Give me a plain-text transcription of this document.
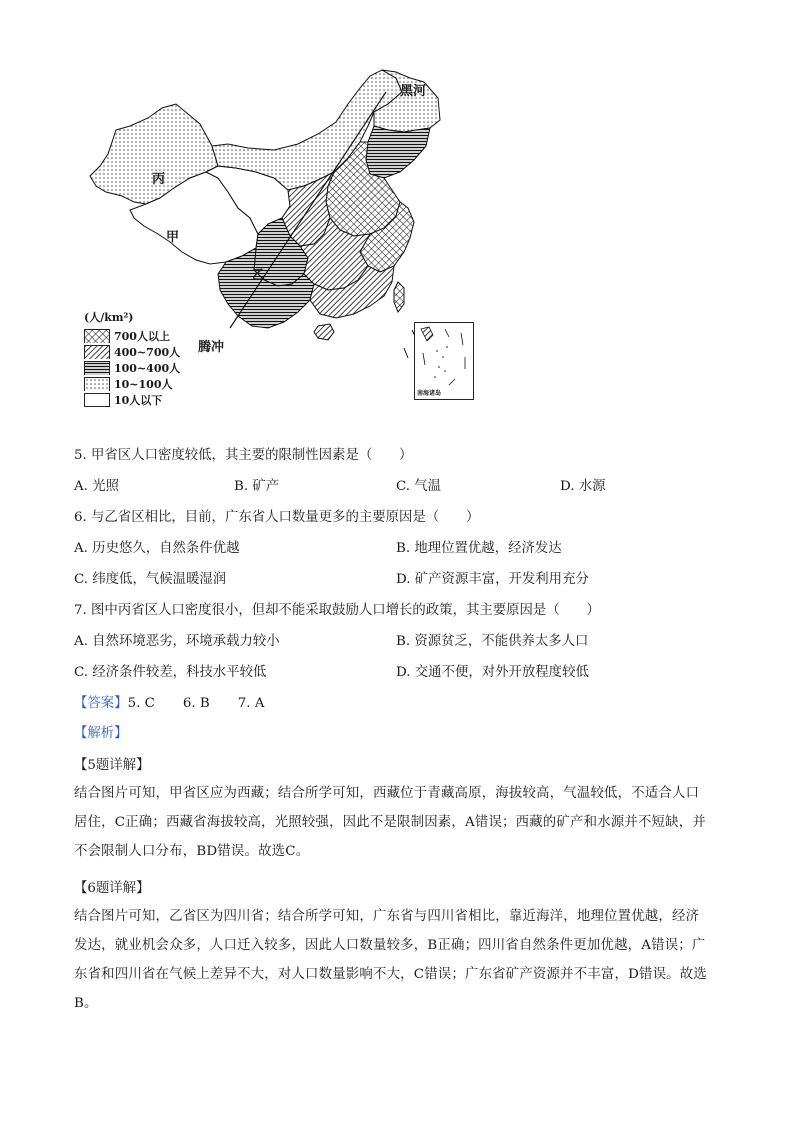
黑河
丙
甲
乙
腾冲
(人/km²)
700人以上
400~700人
100~400人
10~100人
10人以下
南海诸岛
5. 甲省区人口密度较低，其主要的限制性因素是（　　）
A. 光照	B. 矿产	C. 气温	D. 水源
6. 与乙省区相比，目前，广东省人口数量更多的主要原因是（　　）
A. 历史悠久，自然条件优越	B. 地理位置优越，经济发达
C. 纬度低，气候温暖湿润	D. 矿产资源丰富，开发利用充分
7. 图中丙省区人口密度很小，但却不能采取鼓励人口增长的政策，其主要原因是（　　）
A. 自然环境恶劣，环境承载力较小	B. 资源贫乏，不能供养太多人口
C. 经济条件较差，科技水平较低	D. 交通不便，对外开放程度较低
【答案】5. C 6. B 7. A
【解析】
【5题详解】
结合图片可知，甲省区应为西藏；结合所学可知，西藏位于青藏高原，海拔较高，气温较低，不适合人口
居住，C正确；西藏省海拔较高，光照较强，因此不是限制因素，A错误；西藏的矿产和水源并不短缺，并
不会限制人口分布，BD错误。故选C。
【6题详解】
结合图片可知，乙省区为四川省；结合所学可知，广东省与四川省相比，靠近海洋，地理位置优越，经济
发达，就业机会众多，人口迁入较多，因此人口数量较多，B正确；四川省自然条件更加优越，A错误；广
东省和四川省在气候上差异不大，对人口数量影响不大，C错误；广东省矿产资源并不丰富，D错误。故选
B。
